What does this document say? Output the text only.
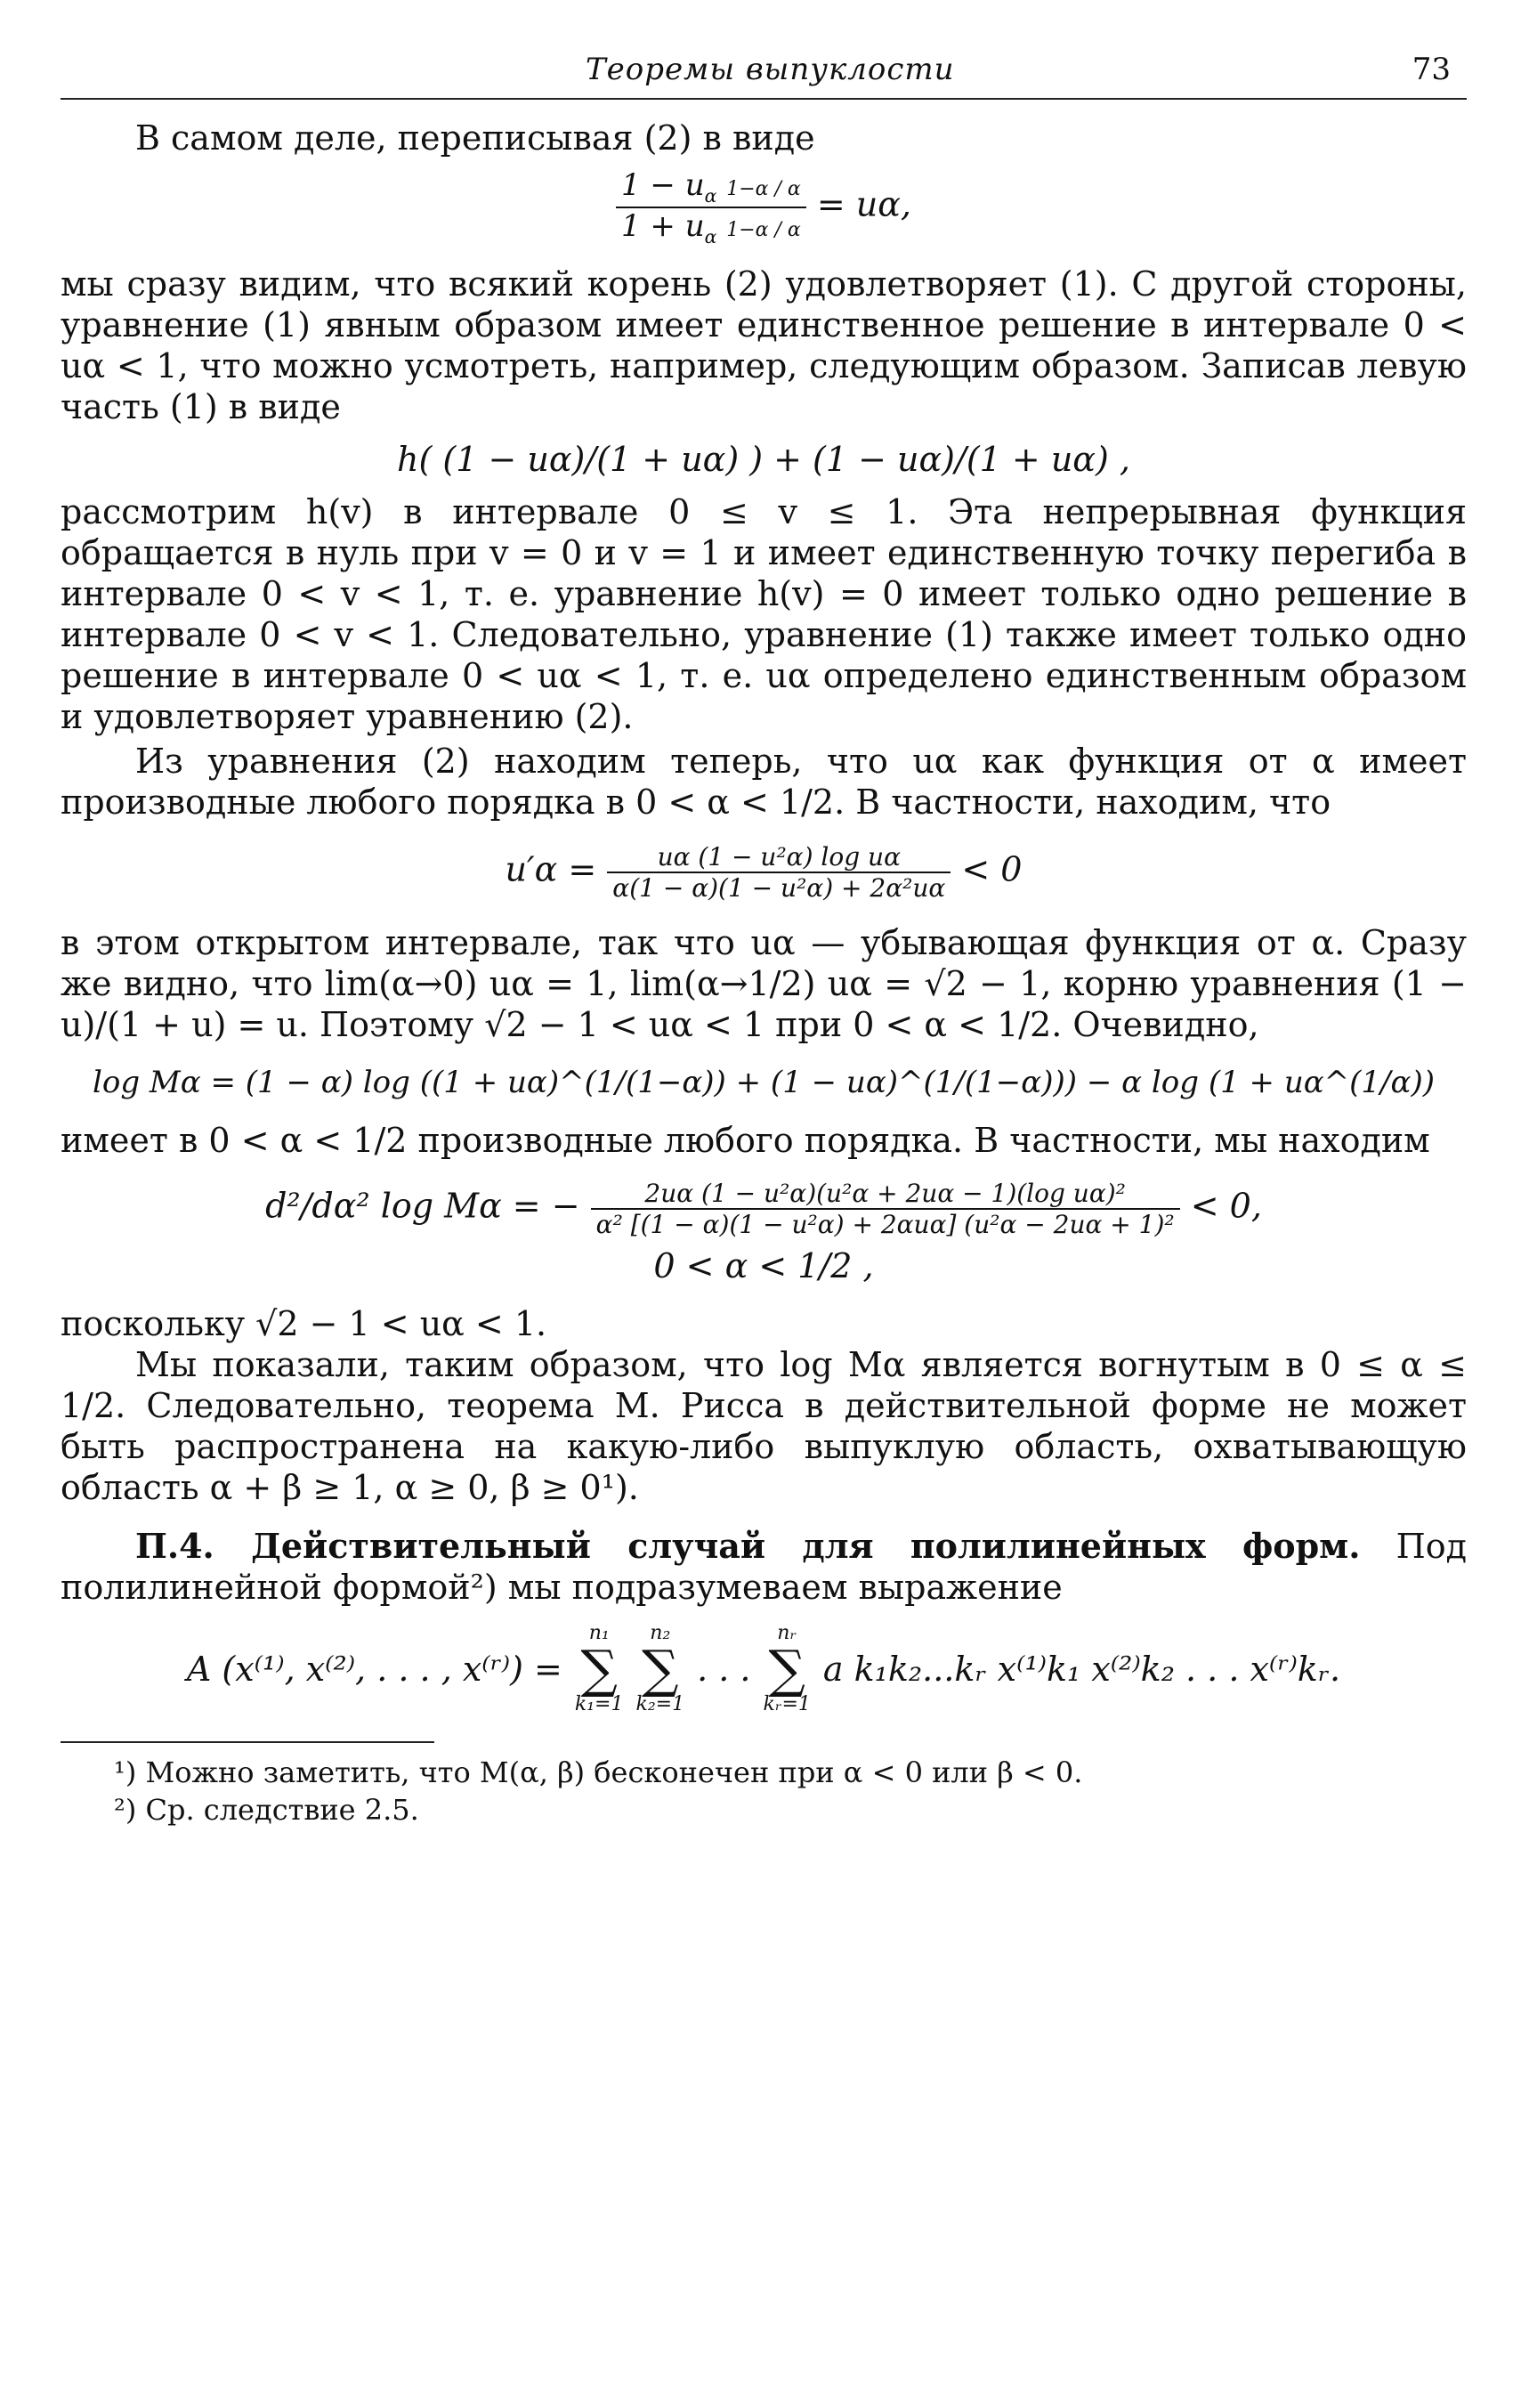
Теоремы выпуклости	73

В самом деле, переписывая (2) в виде

$\frac{1 - u_\alpha 1-\alpha / \alpha}{1 + u_\alpha 1-\alpha / \alpha} = u\alpha$,

мы сразу видим, что всякий корень (2) удовлетворяет (1). С другой стороны, уравнение (1) явным образом имеет единственное решение в интервале 0 < uα < 1, что можно усмотреть, например, следующим образом. Записав левую часть (1) в виде

h( (1 − uα)/(1 + uα) ) + (1 − uα)/(1 + uα) ,

рассмотрим h(v) в интервале 0 ≤ v ≤ 1. Эта непрерывная функция обращается в нуль при v = 0 и v = 1 и имеет единственную точку перегиба в интервале 0 < v < 1, т. е. уравнение h(v) = 0 имеет только одно решение в интервале 0 < v < 1. Следовательно, уравнение (1) также имеет только одно решение в интервале 0 < uα < 1, т. е. uα определено единственным образом и удовлетворяет уравнению (2).

Из уравнения (2) находим теперь, что uα как функция от α имеет производные любого порядка в 0 < α < 1/2. В частности, находим, что

$u'\alpha = \frac{\text{uα (1 − u²α) log uα}}{\text{α(1 − α)(1 − u²α) + 2α²uα}} < 0$

в этом открытом интервале, так что uα — убывающая функция от α. Сразу же видно, что lim(α→0) uα = 1, lim(α→1/2) uα = √2 − 1, корню уравнения (1 − u)/(1 + u) = u. Поэтому √2 − 1 < uα < 1 при 0 < α < 1/2. Очевидно,

log Mα = (1 − α) log ((1 + uα)^(1/(1−α)) + (1 − uα)^(1/(1−α))) − α log (1 + uα^(1/α))

имеет в 0 < α < 1/2 производные любого порядка. В частности, мы находим

d²/dα² log Mα = − $\frac{\text{2uα (1 − u²α)(u²α + 2uα − 1)(log uα)²}}{\text{α² [(1 − α)(1 − u²α) + 2αuα] (u²α − 2uα + 1)²}} < 0$,
0 < α < 1/2 ,

поскольку √2 − 1 < uα < 1.

Мы показали, таким образом, что log Mα является вогнутым в 0 ≤ α ≤ 1/2. Следовательно, теорема М. Рисса в действительной форме не может быть распространена на какую-либо выпуклую область, охватывающую область α + β ≥ 1, α ≥ 0, β ≥ 0¹).

П.4. Действительный случай для полилинейных форм. Под полилинейной формой²) мы подразумеваем выражение

A (x⁽¹⁾, x⁽²⁾, . . . , x⁽ʳ⁾) =
n₁
∑
k₁=1
n₂
∑
k₂=1
. . .
nᵣ
∑
kᵣ=1
a k₁k₂...kᵣ x⁽¹⁾k₁ x⁽²⁾k₂ . . . x⁽ʳ⁾kᵣ.
¹) Можно заметить, что M(α, β) бесконечен при α < 0 или β < 0.
²) Ср. следствие 2.5.
